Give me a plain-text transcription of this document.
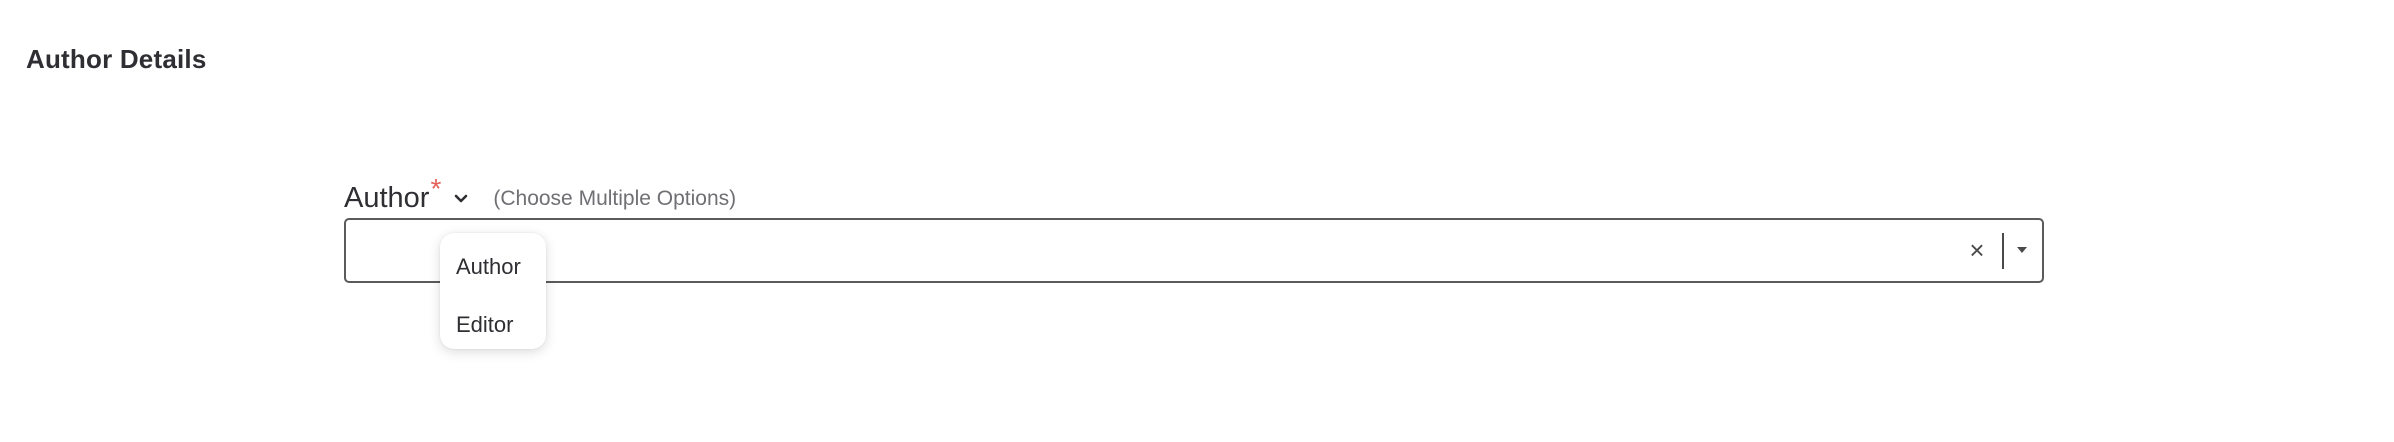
Author Details
Author * (Choose Multiple Options)
×
Author
Editor
